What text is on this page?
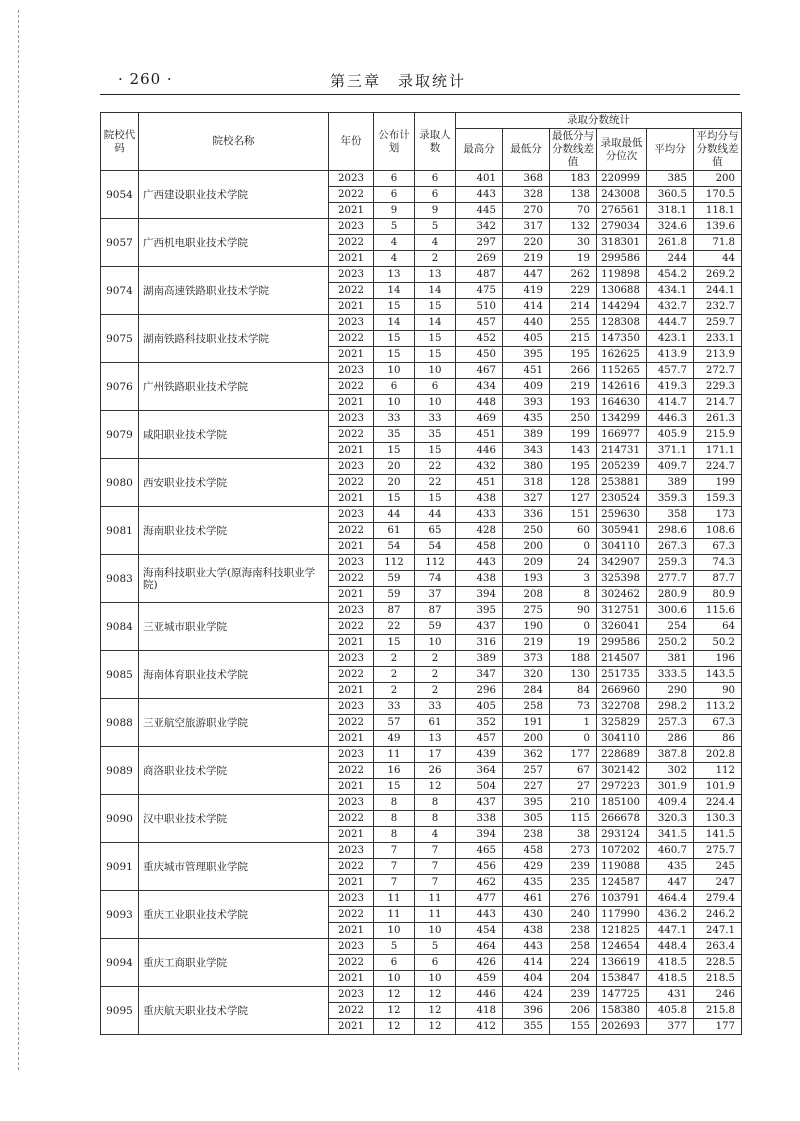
· 260 ·	第三章　录取统计
院校代码	院校名称	年份	公布计划	录取人数	录取分数统计					
					最高分	最低分	最低分与分数线差值	录取最低分位次	平均分	平均分与分数线差值
9054	广西建设职业技术学院	2023	6	6	401	368	183	220999	385	200
		2022	6	6	443	328	138	243008	360.5	170.5
		2021	9	9	445	270	70	276561	318.1	118.1
9057	广西机电职业技术学院	2023	5	5	342	317	132	279034	324.6	139.6
		2022	4	4	297	220	30	318301	261.8	71.8
		2021	4	2	269	219	19	299586	244	44
9074	湖南高速铁路职业技术学院	2023	13	13	487	447	262	119898	454.2	269.2
		2022	14	14	475	419	229	130688	434.1	244.1
		2021	15	15	510	414	214	144294	432.7	232.7
9075	湖南铁路科技职业技术学院	2023	14	14	457	440	255	128308	444.7	259.7
		2022	15	15	452	405	215	147350	423.1	233.1
		2021	15	15	450	395	195	162625	413.9	213.9
9076	广州铁路职业技术学院	2023	10	10	467	451	266	115265	457.7	272.7
		2022	6	6	434	409	219	142616	419.3	229.3
		2021	10	10	448	393	193	164630	414.7	214.7
9079	咸阳职业技术学院	2023	33	33	469	435	250	134299	446.3	261.3
		2022	35	35	451	389	199	166977	405.9	215.9
		2021	15	15	446	343	143	214731	371.1	171.1
9080	西安职业技术学院	2023	20	22	432	380	195	205239	409.7	224.7
		2022	20	22	451	318	128	253881	389	199
		2021	15	15	438	327	127	230524	359.3	159.3
9081	海南职业技术学院	2023	44	44	433	336	151	259630	358	173
		2022	61	65	428	250	60	305941	298.6	108.6
		2021	54	54	458	200	0	304110	267.3	67.3
9083	海南科技职业大学(原海南科技职业学院)	2023	112	112	443	209	24	342907	259.3	74.3
		2022	59	74	438	193	3	325398	277.7	87.7
		2021	59	37	394	208	8	302462	280.9	80.9
9084	三亚城市职业学院	2023	87	87	395	275	90	312751	300.6	115.6
		2022	22	59	437	190	0	326041	254	64
		2021	15	10	316	219	19	299586	250.2	50.2
9085	海南体育职业技术学院	2023	2	2	389	373	188	214507	381	196
		2022	2	2	347	320	130	251735	333.5	143.5
		2021	2	2	296	284	84	266960	290	90
9088	三亚航空旅游职业学院	2023	33	33	405	258	73	322708	298.2	113.2
		2022	57	61	352	191	1	325829	257.3	67.3
		2021	49	13	457	200	0	304110	286	86
9089	商洛职业技术学院	2023	11	17	439	362	177	228689	387.8	202.8
		2022	16	26	364	257	67	302142	302	112
		2021	15	12	504	227	27	297223	301.9	101.9
9090	汉中职业技术学院	2023	8	8	437	395	210	185100	409.4	224.4
		2022	8	8	338	305	115	266678	320.3	130.3
		2021	8	4	394	238	38	293124	341.5	141.5
9091	重庆城市管理职业学院	2023	7	7	465	458	273	107202	460.7	275.7
		2022	7	7	456	429	239	119088	435	245
		2021	7	7	462	435	235	124587	447	247
9093	重庆工业职业技术学院	2023	11	11	477	461	276	103791	464.4	279.4
		2022	11	11	443	430	240	117990	436.2	246.2
		2021	10	10	454	438	238	121825	447.1	247.1
9094	重庆工商职业学院	2023	5	5	464	443	258	124654	448.4	263.4
		2022	6	6	426	414	224	136619	418.5	228.5
		2021	10	10	459	404	204	153847	418.5	218.5
9095	重庆航天职业技术学院	2023	12	12	446	424	239	147725	431	246
		2022	12	12	418	396	206	158380	405.8	215.8
		2021	12	12	412	355	155	202693	377	177
